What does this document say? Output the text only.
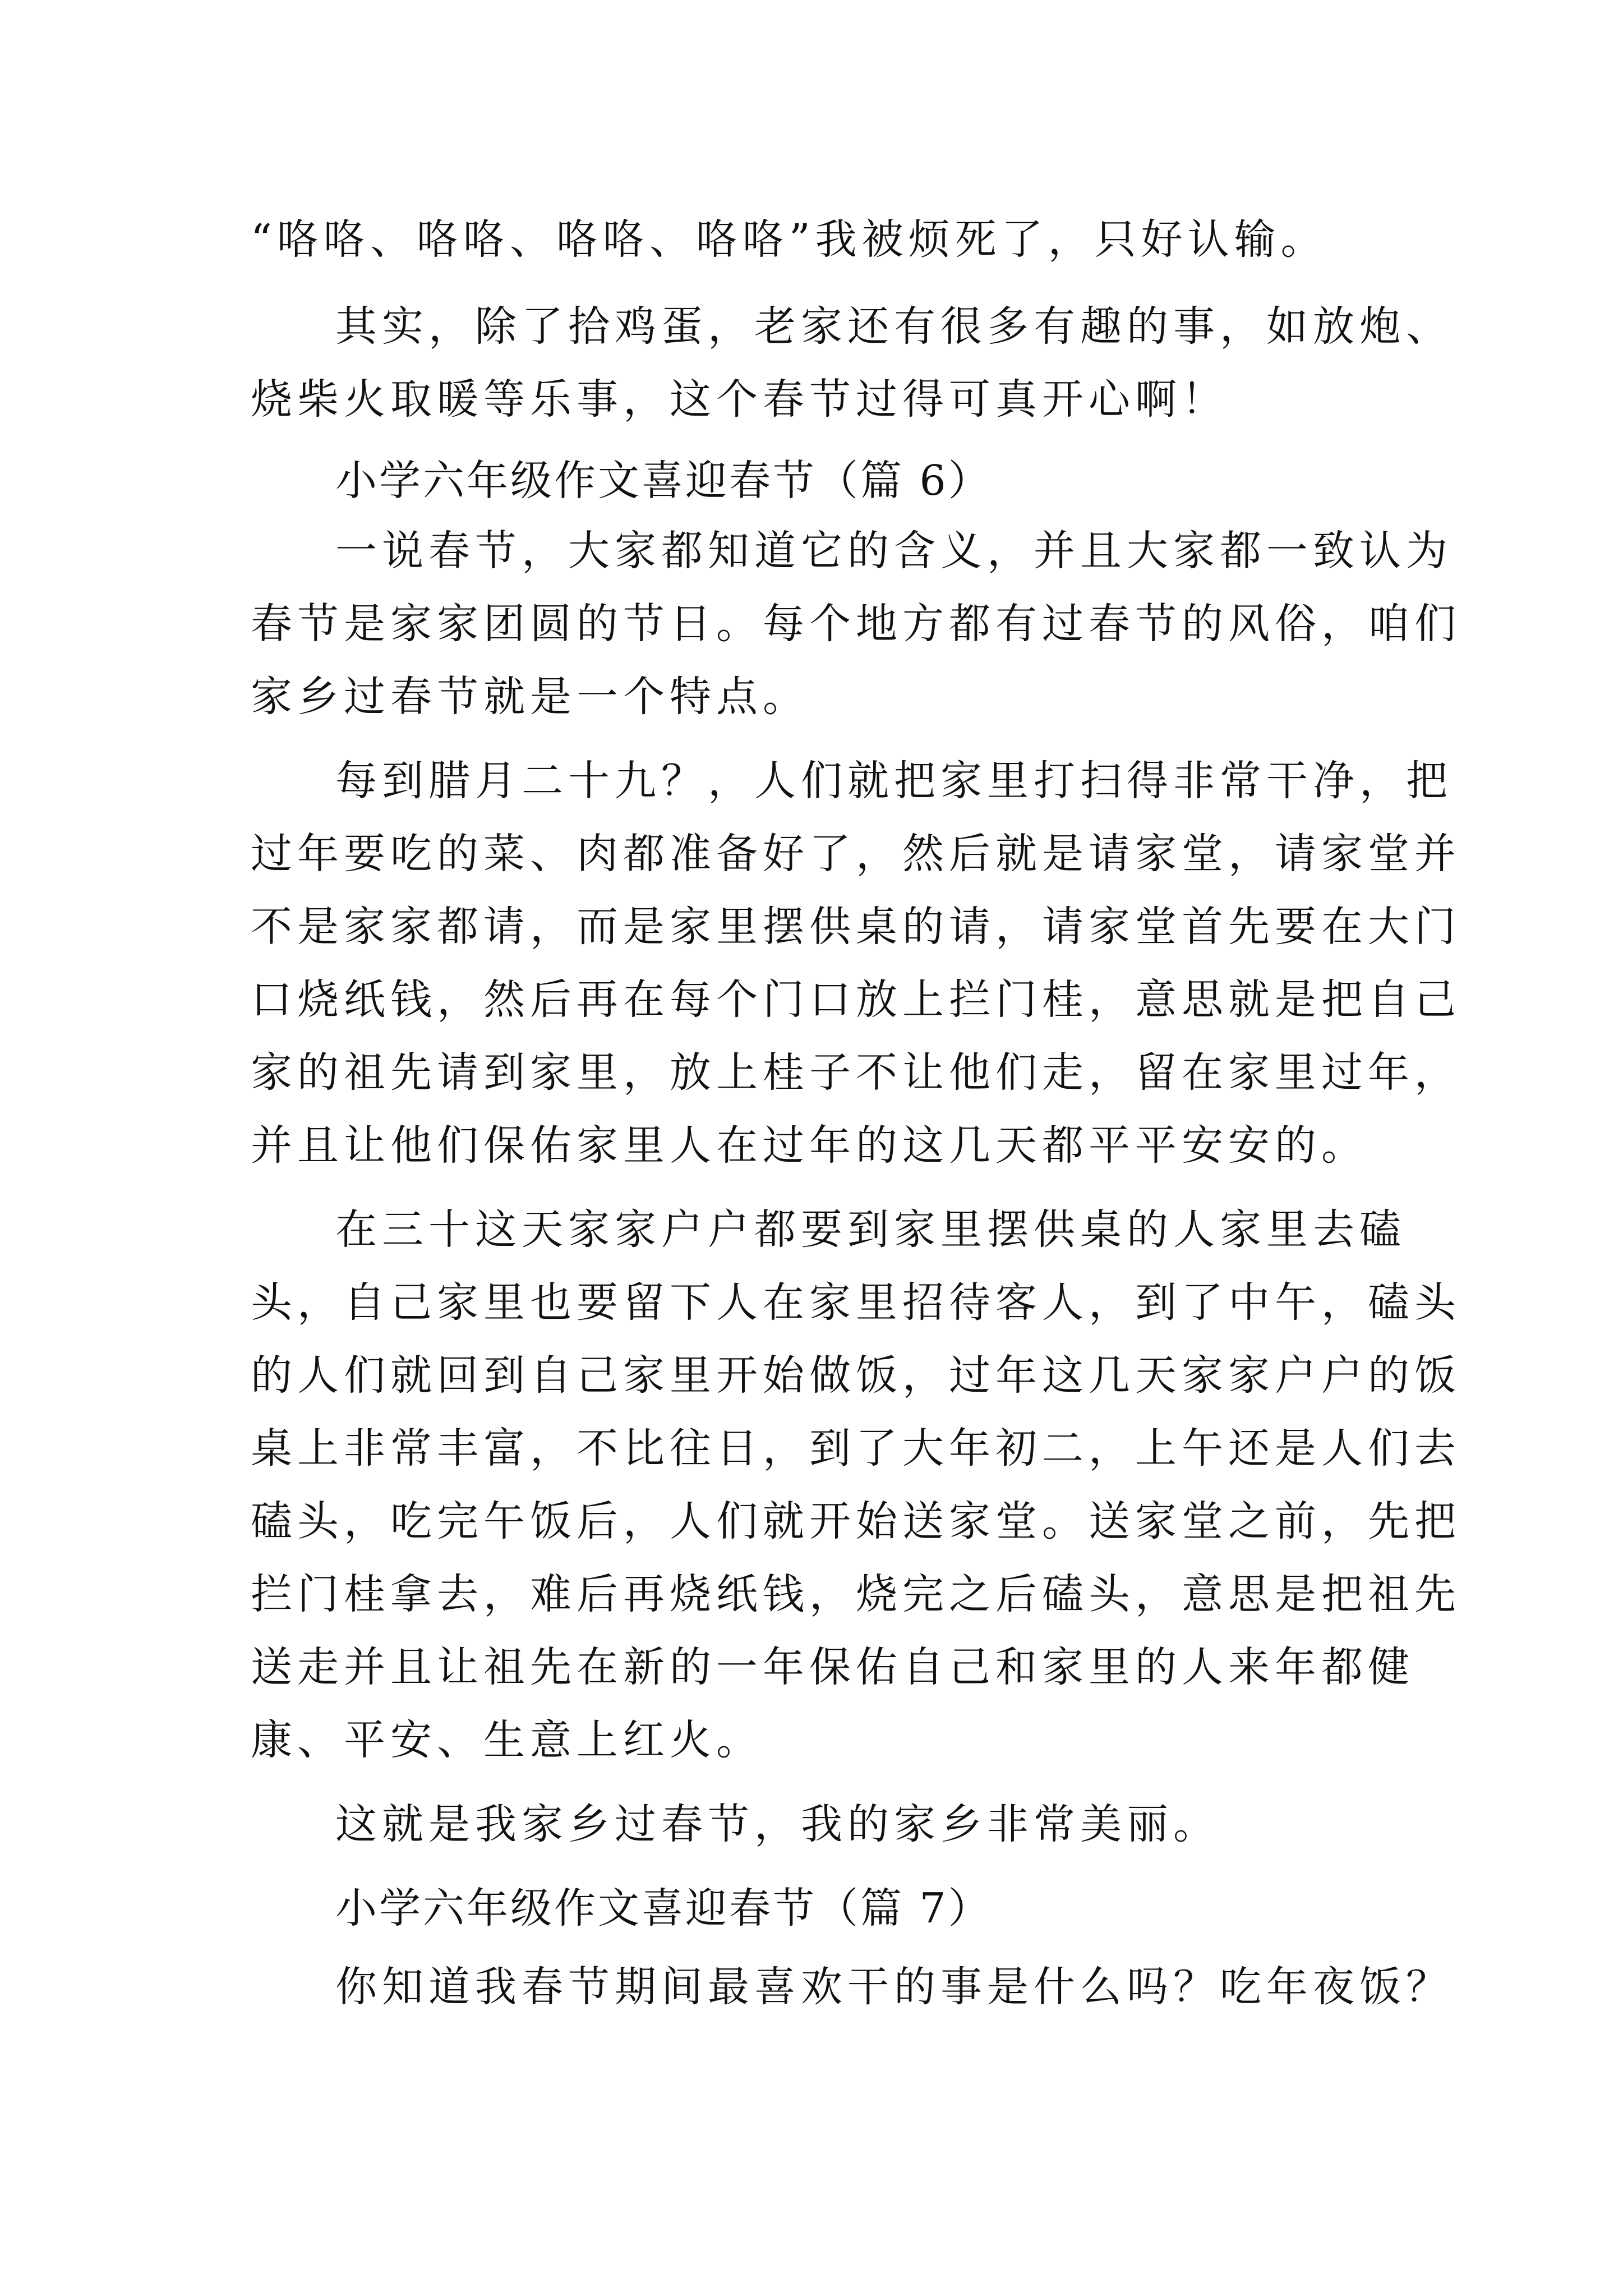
“咯咯、咯咯、咯咯、咯咯”我被烦死了，只好认输。
其实，除了拾鸡蛋，老家还有很多有趣的事，如放炮、
烧柴火取暖等乐事，这个春节过得可真开心啊！
小学六年级作文喜迎春节（篇 6）
一说春节，大家都知道它的含义，并且大家都一致认为
春节是家家团圆的节日。每个地方都有过春节的风俗，咱们
家乡过春节就是一个特点。
每到腊月二十九？，人们就把家里打扫得非常干净，把
过年要吃的菜、肉都准备好了，然后就是请家堂，请家堂并
不是家家都请，而是家里摆供桌的请，请家堂首先要在大门
口烧纸钱，然后再在每个门口放上拦门桂，意思就是把自己
家的祖先请到家里，放上桂子不让他们走，留在家里过年，
并且让他们保佑家里人在过年的这几天都平平安安的。
在三十这天家家户户都要到家里摆供桌的人家里去磕
头，自己家里也要留下人在家里招待客人，到了中午，磕头
的人们就回到自己家里开始做饭，过年这几天家家户户的饭
桌上非常丰富，不比往日，到了大年初二，上午还是人们去
磕头，吃完午饭后，人们就开始送家堂。送家堂之前，先把
拦门桂拿去，难后再烧纸钱，烧完之后磕头，意思是把祖先
送走并且让祖先在新的一年保佑自己和家里的人来年都健
康、平安、生意上红火。
这就是我家乡过春节，我的家乡非常美丽。
小学六年级作文喜迎春节（篇 7）
你知道我春节期间最喜欢干的事是什么吗？吃年夜饭？
